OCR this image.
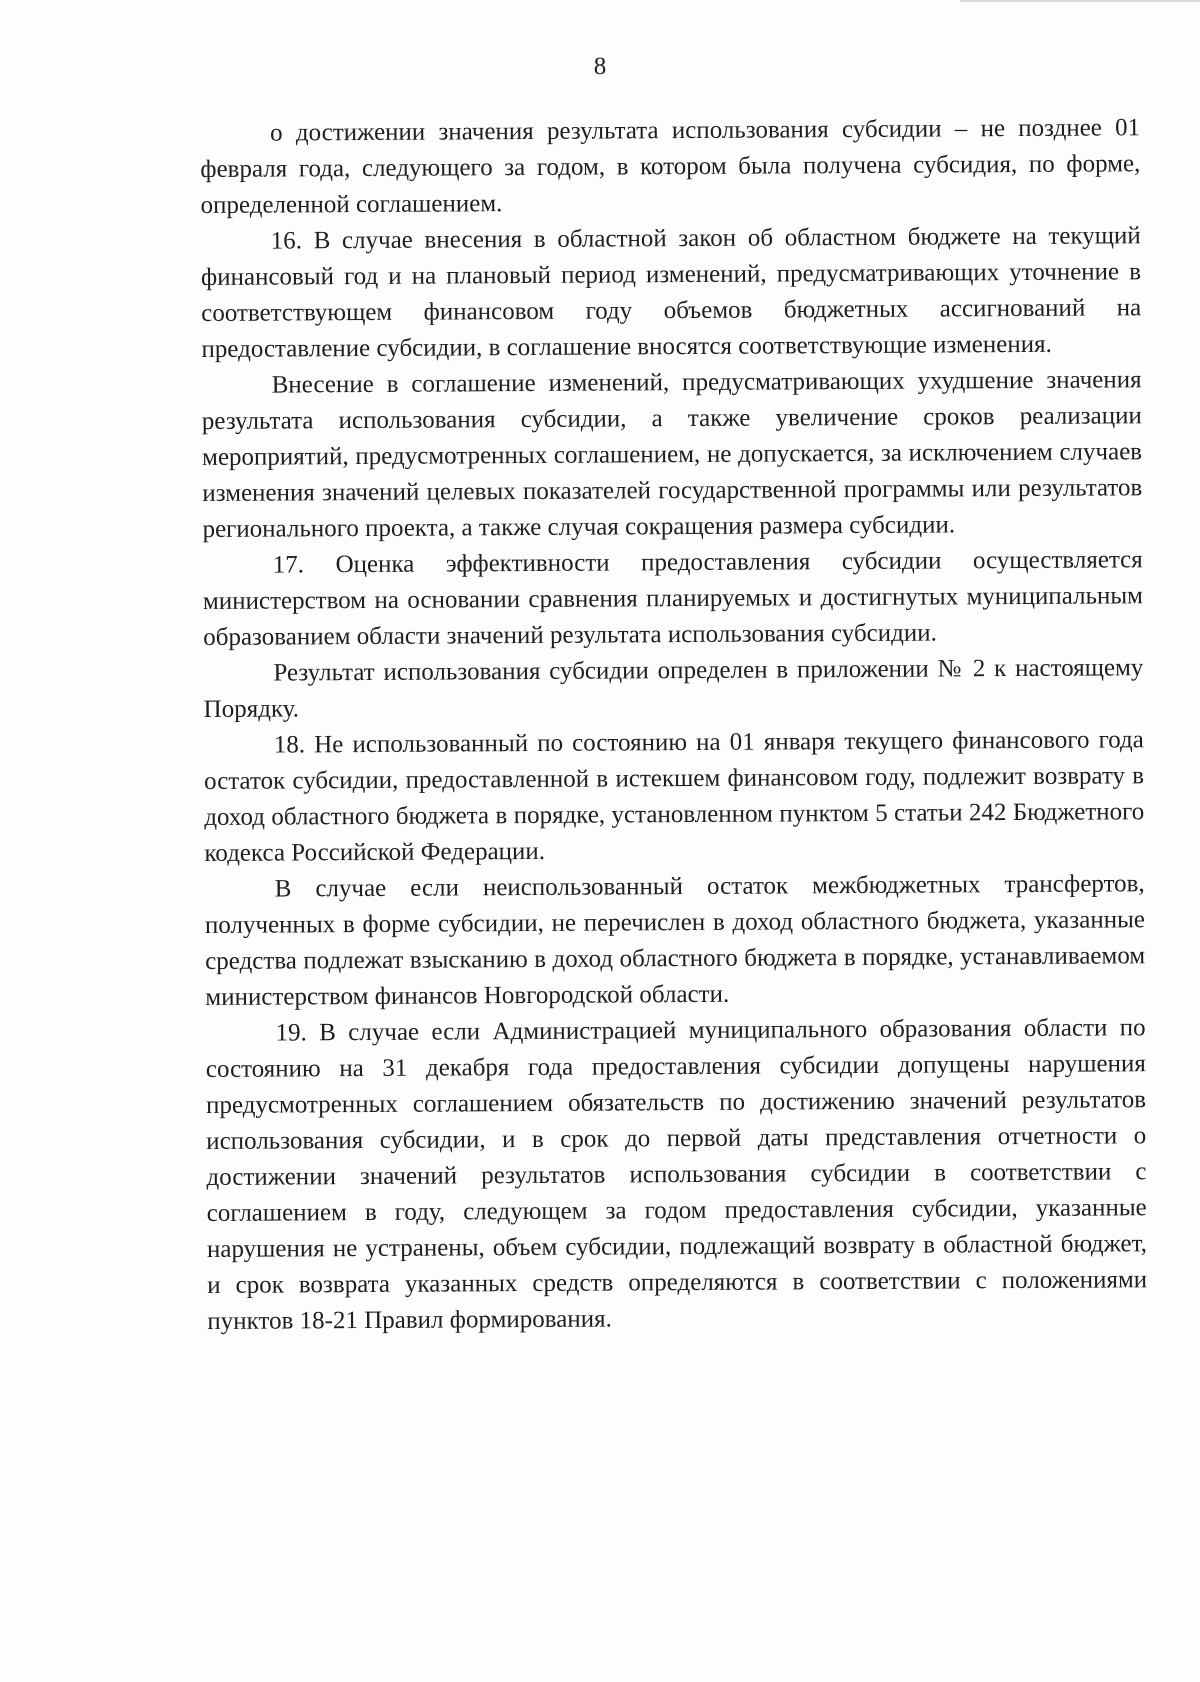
8

о достижении значения результата использования субсидии – не позднее 01 февраля года, следующего за годом, в котором была получена субсидия, по форме, определенной соглашением.

16. В случае внесения в областной закон об областном бюджете на текущий финансовый год и на плановый период изменений, предусматривающих уточнение в соответствующем финансовом году объемов бюджетных ассигнований на предоставление субсидии, в соглашение вносятся соответствующие изменения.

Внесение в соглашение изменений, предусматривающих ухудшение значения результата использования субсидии, а также увеличение сроков реализации мероприятий, предусмотренных соглашением, не допускается, за исключением случаев изменения значений целевых показателей государственной программы или результатов регионального проекта, а также случая сокращения размера субсидии.

17. Оценка эффективности предоставления субсидии осуществляется министерством на основании сравнения планируемых и достигнутых муниципальным образованием области значений результата использования субсидии.

Результат использования субсидии определен в приложении № 2 к настоящему Порядку.

18. Не использованный по состоянию на 01 января текущего финансового года остаток субсидии, предоставленной в истекшем финансовом году, подлежит возврату в доход областного бюджета в порядке, установленном пунктом 5 статьи 242 Бюджетного кодекса Российской Федерации.

В случае если неиспользованный остаток межбюджетных трансфертов, полученных в форме субсидии, не перечислен в доход областного бюджета, указанные средства подлежат взысканию в доход областного бюджета в порядке, устанавливаемом министерством финансов Новгородской области.

19. В случае если Администрацией муниципального образования области по состоянию на 31 декабря года предоставления субсидии допущены нарушения предусмотренных соглашением обязательств по достижению значений результатов использования субсидии, и в срок до первой даты представления отчетности о достижении значений результатов использования субсидии в соответствии с соглашением в году, следующем за годом предоставления субсидии, указанные нарушения не устранены, объем субсидии, подлежащий возврату в областной бюджет, и срок возврата указанных средств определяются в соответствии с положениями пунктов 18-21 Правил формирования.
